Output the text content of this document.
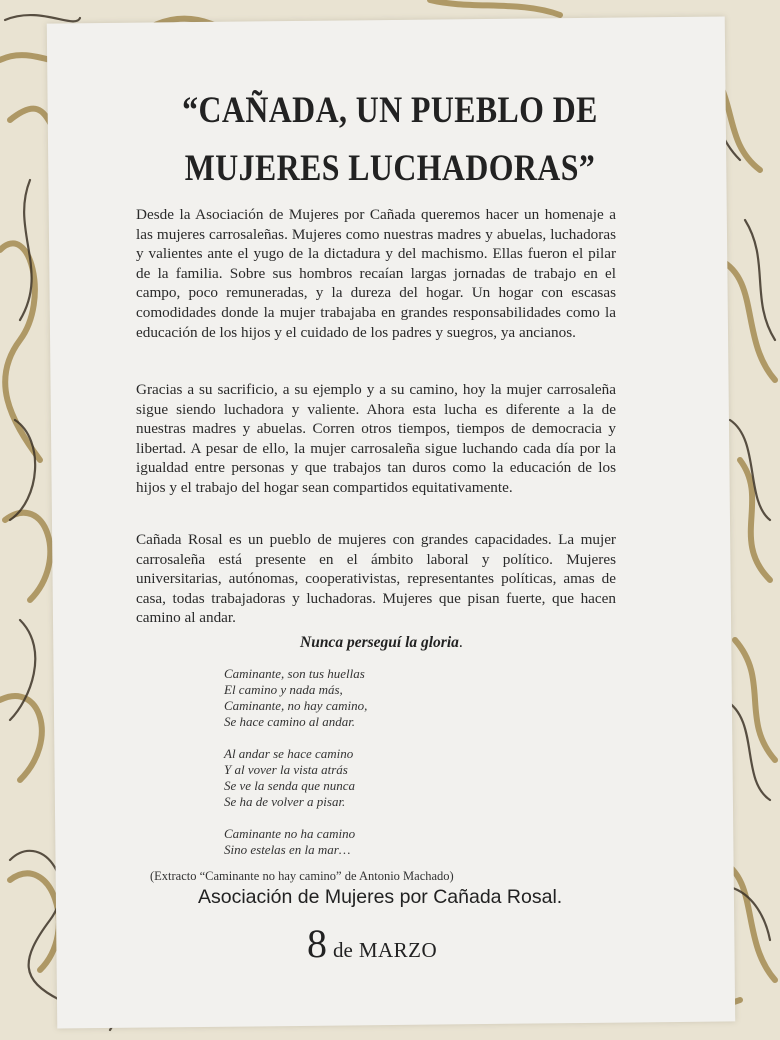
“CAÑADA, UN PUEBLO DE
MUJERES LUCHADORAS”

Desde la Asociación de Mujeres por Cañada queremos hacer un homenaje a las mujeres carrosaleñas. Mujeres como nuestras madres y abuelas, luchadoras y valientes ante el yugo de la dictadura y del machismo. Ellas fueron el pilar de la familia. Sobre sus hombros recaían largas jornadas de trabajo en el campo, poco remuneradas, y la dureza del hogar. Un hogar con escasas comodidades donde la mujer trabajaba en grandes responsabilidades como la educación de los hijos y el cuidado de los padres y suegros, ya ancianos.

Gracias a su sacrificio, a su ejemplo y a su camino, hoy la mujer carrosaleña sigue siendo luchadora y valiente. Ahora esta lucha es diferente a la de nuestras madres y abuelas. Corren otros tiempos, tiempos de democracia y libertad. A pesar de ello, la mujer carrosaleña sigue luchando cada día por la igualdad entre personas y que trabajos tan duros como la educación de los hijos y el trabajo del hogar sean compartidos equitativamente.

Cañada Rosal es un pueblo de mujeres con grandes capacidades. La mujer carrosaleña está presente en el ámbito laboral y político. Mujeres universitarias, autónomas, cooperativistas, representantes políticas, amas de casa, todas trabajadoras y luchadoras. Mujeres que pisan fuerte, que hacen camino al andar.

Nunca perseguí la gloria.

Caminante, son tus huellas
El camino y nada más,
Caminante, no hay camino,
Se hace camino al andar.
Al andar se hace camino
Y al vover la vista atrás
Se ve la senda que nunca
Se ha de volver a pisar.
Caminante no ha camino
Sino estelas en la mar…

(Extracto “Caminante no hay camino” de Antonio Machado)

Asociación de Mujeres por Cañada Rosal.

8 de MARZO
